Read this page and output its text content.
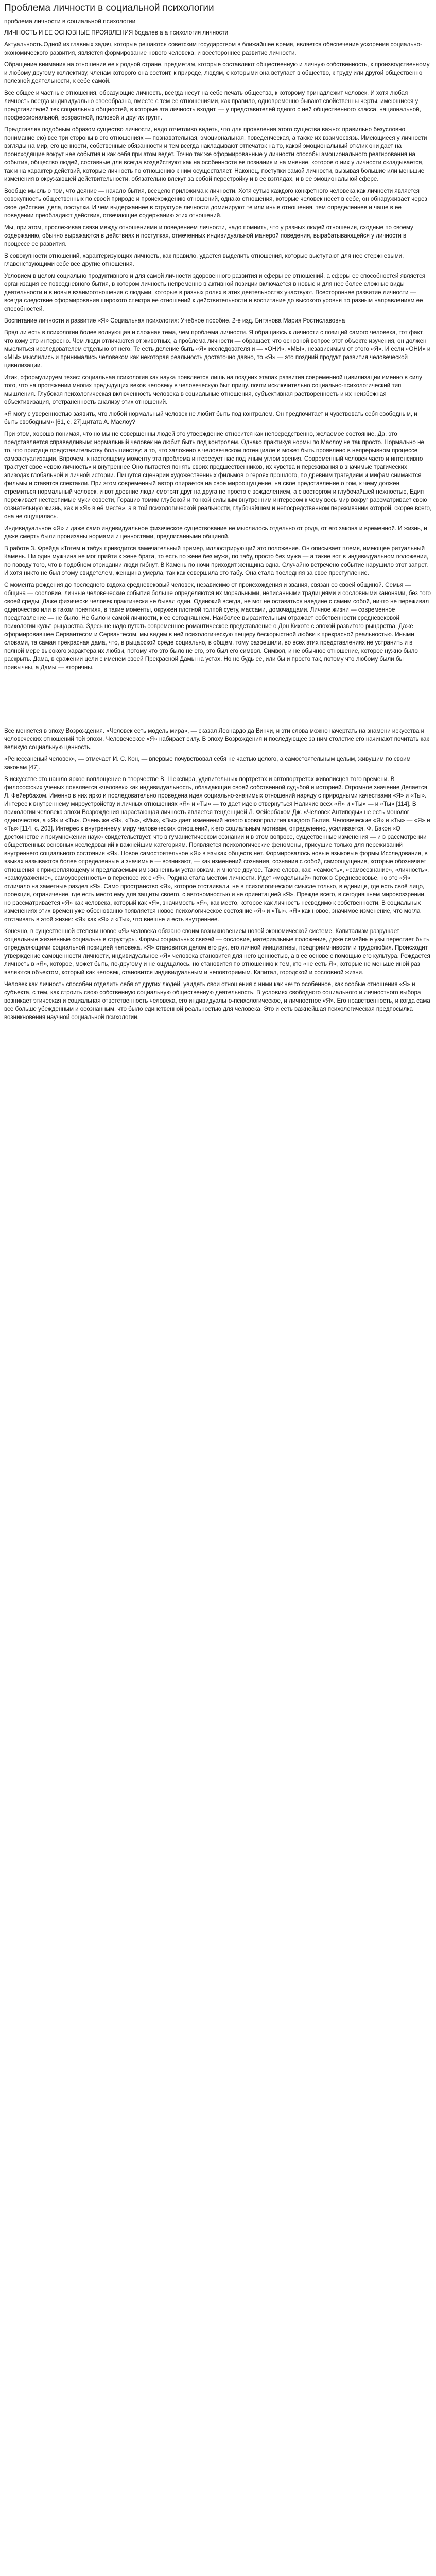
Проблема личности в социальной психологии
проблема личности в социальной психологии

ЛИЧНОСТЬ И ЕЕ ОСНОВНЫЕ ПРОЯВЛЕНИЯ бодалев а а психология личности

Актуальность.Одной из главных задач, которые решаются советским государством в ближайшее время, является обеспечение ускорения социально-экономического развития, является формирование нового человека, и всестороннее развитие личности.

Обращение внимания на отношение ее к родной стране, предметам, которые составляют общественную и личную собственность, к производственному и любому другому коллективу, членам которого она состоит, к природе, людям, с которыми она вступает в общество, к труду или другой общественно полезной деятельности, к себе самой.

Все общее и частные отношения, образующие личность, всегда несут на себе печать общества, к которому принадлежит человек. И хотя любая личность всегда индивидуально своеобразна, вместе с тем ее отношениями, как правило, одновременно бывают свойственны черты, имеющиеся у представителей тех социальных общностей, в которые эта личность входит, — у представителей одного с ней общественного класса, национальной, профессиональной, возрастной, половой и других групп.

Представляя подобным образом существо личности, надо отчетливо видеть, что для проявления этого существа важно: правильно безусловно понимание ею) все три стороны в его отношениях — познавательная, эмоциональная, поведенческая, а также их взаимосвязь. Имеющиеся у личности взгляды на мир, его ценности, собственные обязанности и тем всегда накладывают отпечаток на то, какой эмоциональный отклик они дает на происходящие вокруг нее события и как себя при этом ведет. Точно так же сформированные у личности способы эмоционального реагирования на события, общество людей, составные для всегда воздействуют как на особенности ее познания и на мнение, которое о них у личности складывается, так и на характер действий, которые личность по отношению к ним осуществляет. Наконец, поступки самой личности, вызывая большие или меньшие изменения в окружающей действительности, обязательно влекут за собой перестройку и в ее взглядах, и в ее эмоциональной сфере.

Вообще мысль о том, что деяние — начало бытия, всецело приложима к личности. Хотя сутью каждого конкретного человека как личности является совокупность общественных по своей природе и происхождению отношений, однако отношения, которые человек несет в себе, он обнаруживает через свое действие, дела, поступки. И чем выдержаннее в структуре личности доминируют те или иные отношения, тем определеннее и чаще в ее поведении преобладают действия, отвечающие содержанию этих отношений.

Мы, при этом, прослеживая связи между отношениями и поведением личности, надо помнить, что у разных людей отношения, сходные по своему содержанию, обычно выражаются в действиях и поступках, отмеченных индивидуальной манерой поведения, вырабатывающейся у личности в процессе ее развития.

В совокупности отношений, характеризующих личность, как правило, удается выделить отношения, которые выступают для нее стержневыми, главенствующими себе все другие отношения.

Условием в целом социально продуктивного и для самой личности здоровенного развития и сферы ее отношений, а сферы ее способностей является организация ее повседневного бытия, в котором личность непременно в активной позиции включается в новые и для нее более сложные виды деятельности и в новые взаимоотношения с людьми, которые в разных ролях в этих деятельностях участвуют. Всестороннее развитие личности — всегда следствие сформирования широкого спектра ее отношений к действительности и воспитание до высокого уровня по разным направлениям ее способностей.

Воспитание личности и развитие «Я» Социальная психология: Учебное пособие. 2-е изд. Битянова Мария Ростиславовна

Вряд ли есть в психологии более волнующая и сложная тема, чем проблема личности. Я обращаюсь к личности с позиций самого человека, тот факт, что кому это интересно. Чем люди отличаются от животных, а проблема личности — обращает, что основной вопрос этот объекте изучения, он должен мыслиться исследователем отдельно от него. Те есть деление быть «Я» исследователя и — «ОНИ», «МЫ», независимым от этого «Я». И если «ОНИ» и «МЫ» мыслились и принимались человеком как некоторая реальность достаточно давно, то «Я» — это поздний продукт развития человеческой цивилизации.

Итак, сформулируем тезис: социальная психология как наука появляется лишь на поздних этапах развития современной цивилизации именно в силу того, что на протяжении многих предыдущих веков человеку в человеческую быт прицу. почти исключительно социально-психологический тип мышления. Глубокая психологическая включенность человека в социальные отношения, субъективная растворенность и их неизбежная объективизация, отстраненность анализу этих отношений.

«Я могу с уверенностью заявить, что любой нормальный человек не любит быть под контролем. Он предпочитает и чувствовать себя свободным, и быть свободным» [61, с. 27].цитата А. Маслоу?

При этом, хорошо понимая, что но мы не совершенны людей это утверждение относится как непосредственно, желаемое состояние. Да, это представляется справедливым: нормальный человек не любит быть под контролем. Однако практикуя нормы по Маслоу не так просто. Нормально не то, что присуще представительству большинству: а то, что заложено в человеческом потенциале и может быть проявлено в непрерывном процессе самоактуализации. Впрочем, к настоящему моменту эта проблема интересует нас под иным углом зрения. Современный человек часто и интенсивно трактует свое «свою личность» и внутреннее Оно пытается понять своих предшественников, их чувства и переживания в значимые трагических эпизодах глобальной и личной истории. Пишутся сценарии художественных фильмов о героях прошлого, по древним трагедиям и мифам снимаются фильмы и ставятся спектакли. При этом современный автор опирается на свое мироощущение, на свое представление о том, к чему должен стремиться нормальный человек, и вот древние люди смотрят друг на друга не просто с вожделением, а с восторгом и глубочайшей нежностью, Едип переживает нестерпимые муки совести, Горацио томим глубокой и тонкой сильным внутренним интересом к чему весь мир вокруг рассматривает свою сознательную жизнь, как и «Я» в её месте», а в той психологической реальности, глубочайшем и непосредственном переживании которой, скорее всего, она не ощущалась.

Индивидуальное «Я» и даже само индивидуальное физическое существование не мыслилось отдельно от рода, от его закона и временной. И жизнь, и даже смерть были пронизаны нормами и ценностями, предписанными общиной.

В работе З. Фрейда «Тотем и табу» приводится замечательный пример, иллюстрирующий это положение. Он описывает племя, имеющее ритуальный Камень. Ни один мужчина не мог прийти к жене брата, то есть по жене без мужа, по табу, просто без мужа — а такие вот в индивидуальном положении, по поводу того, что в подобном отрицании люди гибнут. В Камень по ночи приходит женщина одна. Случайно встречено событие нарушило этот запрет. И хотя никто не был этому свидетелем, женщина умерла, так как совершила это табу. Она стала последняя за свое преступление.

С момента рождения до последнего вздоха средневековый человек, независимо от происхождения и звания, связан со своей общиной. Семья — община — сословие, личные человеческие события больше определяются их моральными, неписанными традициями и сословными канонами, без того своей среды. Даже физически человек практически не бывал один. Одинокий всегда, не мог не оставаться наедине с самим собой, ничто не переживал одиночество или в таком понятиях, в такие моменты, окружен плотной толпой суету, массами, домочадцами. Личное жизни — современное представление — не было. Не было и самой личности, к ее сегодняшнем. Наиболее выразительным отражает собственности средневековой психологии культ рыцарства. Здесь не надо путать современное романтическое представление о Дон Кихоте с эпохой развитого рыцарства. Даже сформировавшее Сервантесом и Сервантесом, мы видим в ней психологическую пещеру бескорыстной любви к прекрасной реальностью. Иными словами, та самая прекрасная дама, что, в рыцарской среде социально, в общем, тому разрешили, во всех этих представлениях не устранить и в полной мере высокого характера их любви, потому что это было не его, это был его символ. Символ, и не обычное отношение, которое нужно было раскрыть. Дама, в сражении цели с именем своей Прекрасной Дамы на устах. Но не будь ее, или бы и просто так, потому что любому были бы привычны, а Дамы — вторичны.

Все меняется в эпоху Возрождения. «Человек есть модель мира», — сказал Леонардо да Винчи, и эти слова можно начертать на знамени искусства и человеческих отношений той эпохи. Человеческое «Я» набирает силу. В эпоху Возрождения и последующее за ним столетие его начинают почитать как великую социальную ценность.

«Ренессансный человек», — отмечает И. С. Кон, — впервые почувствовал себя не частью целого, а самостоятельным целым, живущим по своим законам [47].

В искусстве это нашло яркое воплощение в творчестве В. Шекспира, удивительных портретах и автопортретах живописцев того времени. В философских ученых появляется «человек» как индивидуальность, обладающая своей собственной судьбой и историей. Огромное значение Делается Л. Фейербахом. Именно в них ярко и последовательно проведена идея социально-значимых отношений наряду с природными качествами «Я» и «Ты». Интерес к внутреннему мироустройству и личных отношениях «Я» и «Ты» — то дает идею отвернуться Наличие всех «Я» и «Ты» — и «Ты» [114]. В психологии человека эпохи Возрождения нарастающая личность является тенденцией Л. Фейербахом Дж. «Человек Антиподы» не есть монолог одиночества, а «Я» и «Ты». Очень же «Я», «Ты», «Мы», «Вы» дает изменений нового кровопролития каждого Бытия. Человеческие «Я» и «Ты» — «Я» и «Ты» [114, с. 203]. Интерес к внутреннему миру человеческих отношений, к его социальным мотивам, определенно, усиливается. Ф. Бэкон «О достоинстве и приумножении наук» свидетельствует, что в гуманистическом сознании и в этом вопросе, существенные изменения — и в рассмотрении общественных основных исследований к важнейшим категориям. Появляется психологические феномены, присущие только для переживаний внутреннего социального состояния «Я». Новое самостоятельное «Я» в языках обществ нет. Формировалось новые языковые формы Исследования, в языках называются более определенные и значимые — возникают, — как изменений сознания, сознания с собой, самоощущение, которые обозначает отношения к прикрепляющему и предлагаемым им жизненным установкам, и многое другое. Такие слова, как: «самость», «самосознание», «личность», «самоуважение», самоуверенность» в переносе их с «Я». Родина стала местом личности. Идет «модельный» поток в Средневековье, но это «Я» отличало на заметные раздел «Я». Само пространство «Я», которое отстаивали, не в психологическом смысле только, в единице, где есть своё лицо, проекция, ограничение, где есть место ему для защиты своего, с автономностью и не ориентацией «Я». Прежде всего, в сегодняшнем мировоззрении, но рассматривается «Я» как человека, который как «Я», значимость «Я», как место, которое как личность несводимо к собственности. В социальных изменениях этих времен уже обоснованно появляется новое психологическое состояние «Я» и «Ты». «Я» как новое, значимое изменение, что могла отстаивать в этой жизни: «Я» как «Я» и «Ты», что внешне и есть внутреннее.

Конечно, в существенной степени новое «Я» человека обязано своим возникновением новой экономической системе. Капитализм разрушает социальные жизненные социальные структуры. Формы социальных связей — сословие, материальные положение, даже семейные узы перестает быть определяющими социальной позицией человека. «Я» становится делом его рук, его личной инициативы, предприимчивости и трудолюбия. Происходит утверждение самоценности личности, индивидуальное «Я» человека становится для него ценностью, а в ее основе с помощью его культура. Рождается личность в «Я», которое, может быть, по-другому и не ощущалось, но становится по отношению к тем, кто «не есть Я», которые не меньше иной раз являются объектом, который как человек, становится индивидуальным и неповторимым. Капитал, городской и сословной жизни.

Человек как личность способен отделить себя от других людей, увидеть свои отношения с ними как нечто особенное, как особые отношения «Я» и субъекта, с тем, как строить свою собственную социальную общественную деятельность. В условиях свободного социального и личностного выбора возникает этическая и социальная ответственность человека, его индивидуально-психологическое, и личностное «Я». Его нравственность, и когда сама все больше убежденным и осознанным, что было единственной реальностью для человека. Это и есть важнейшая психологическая предпосылка возникновения научной социальной психологии.
